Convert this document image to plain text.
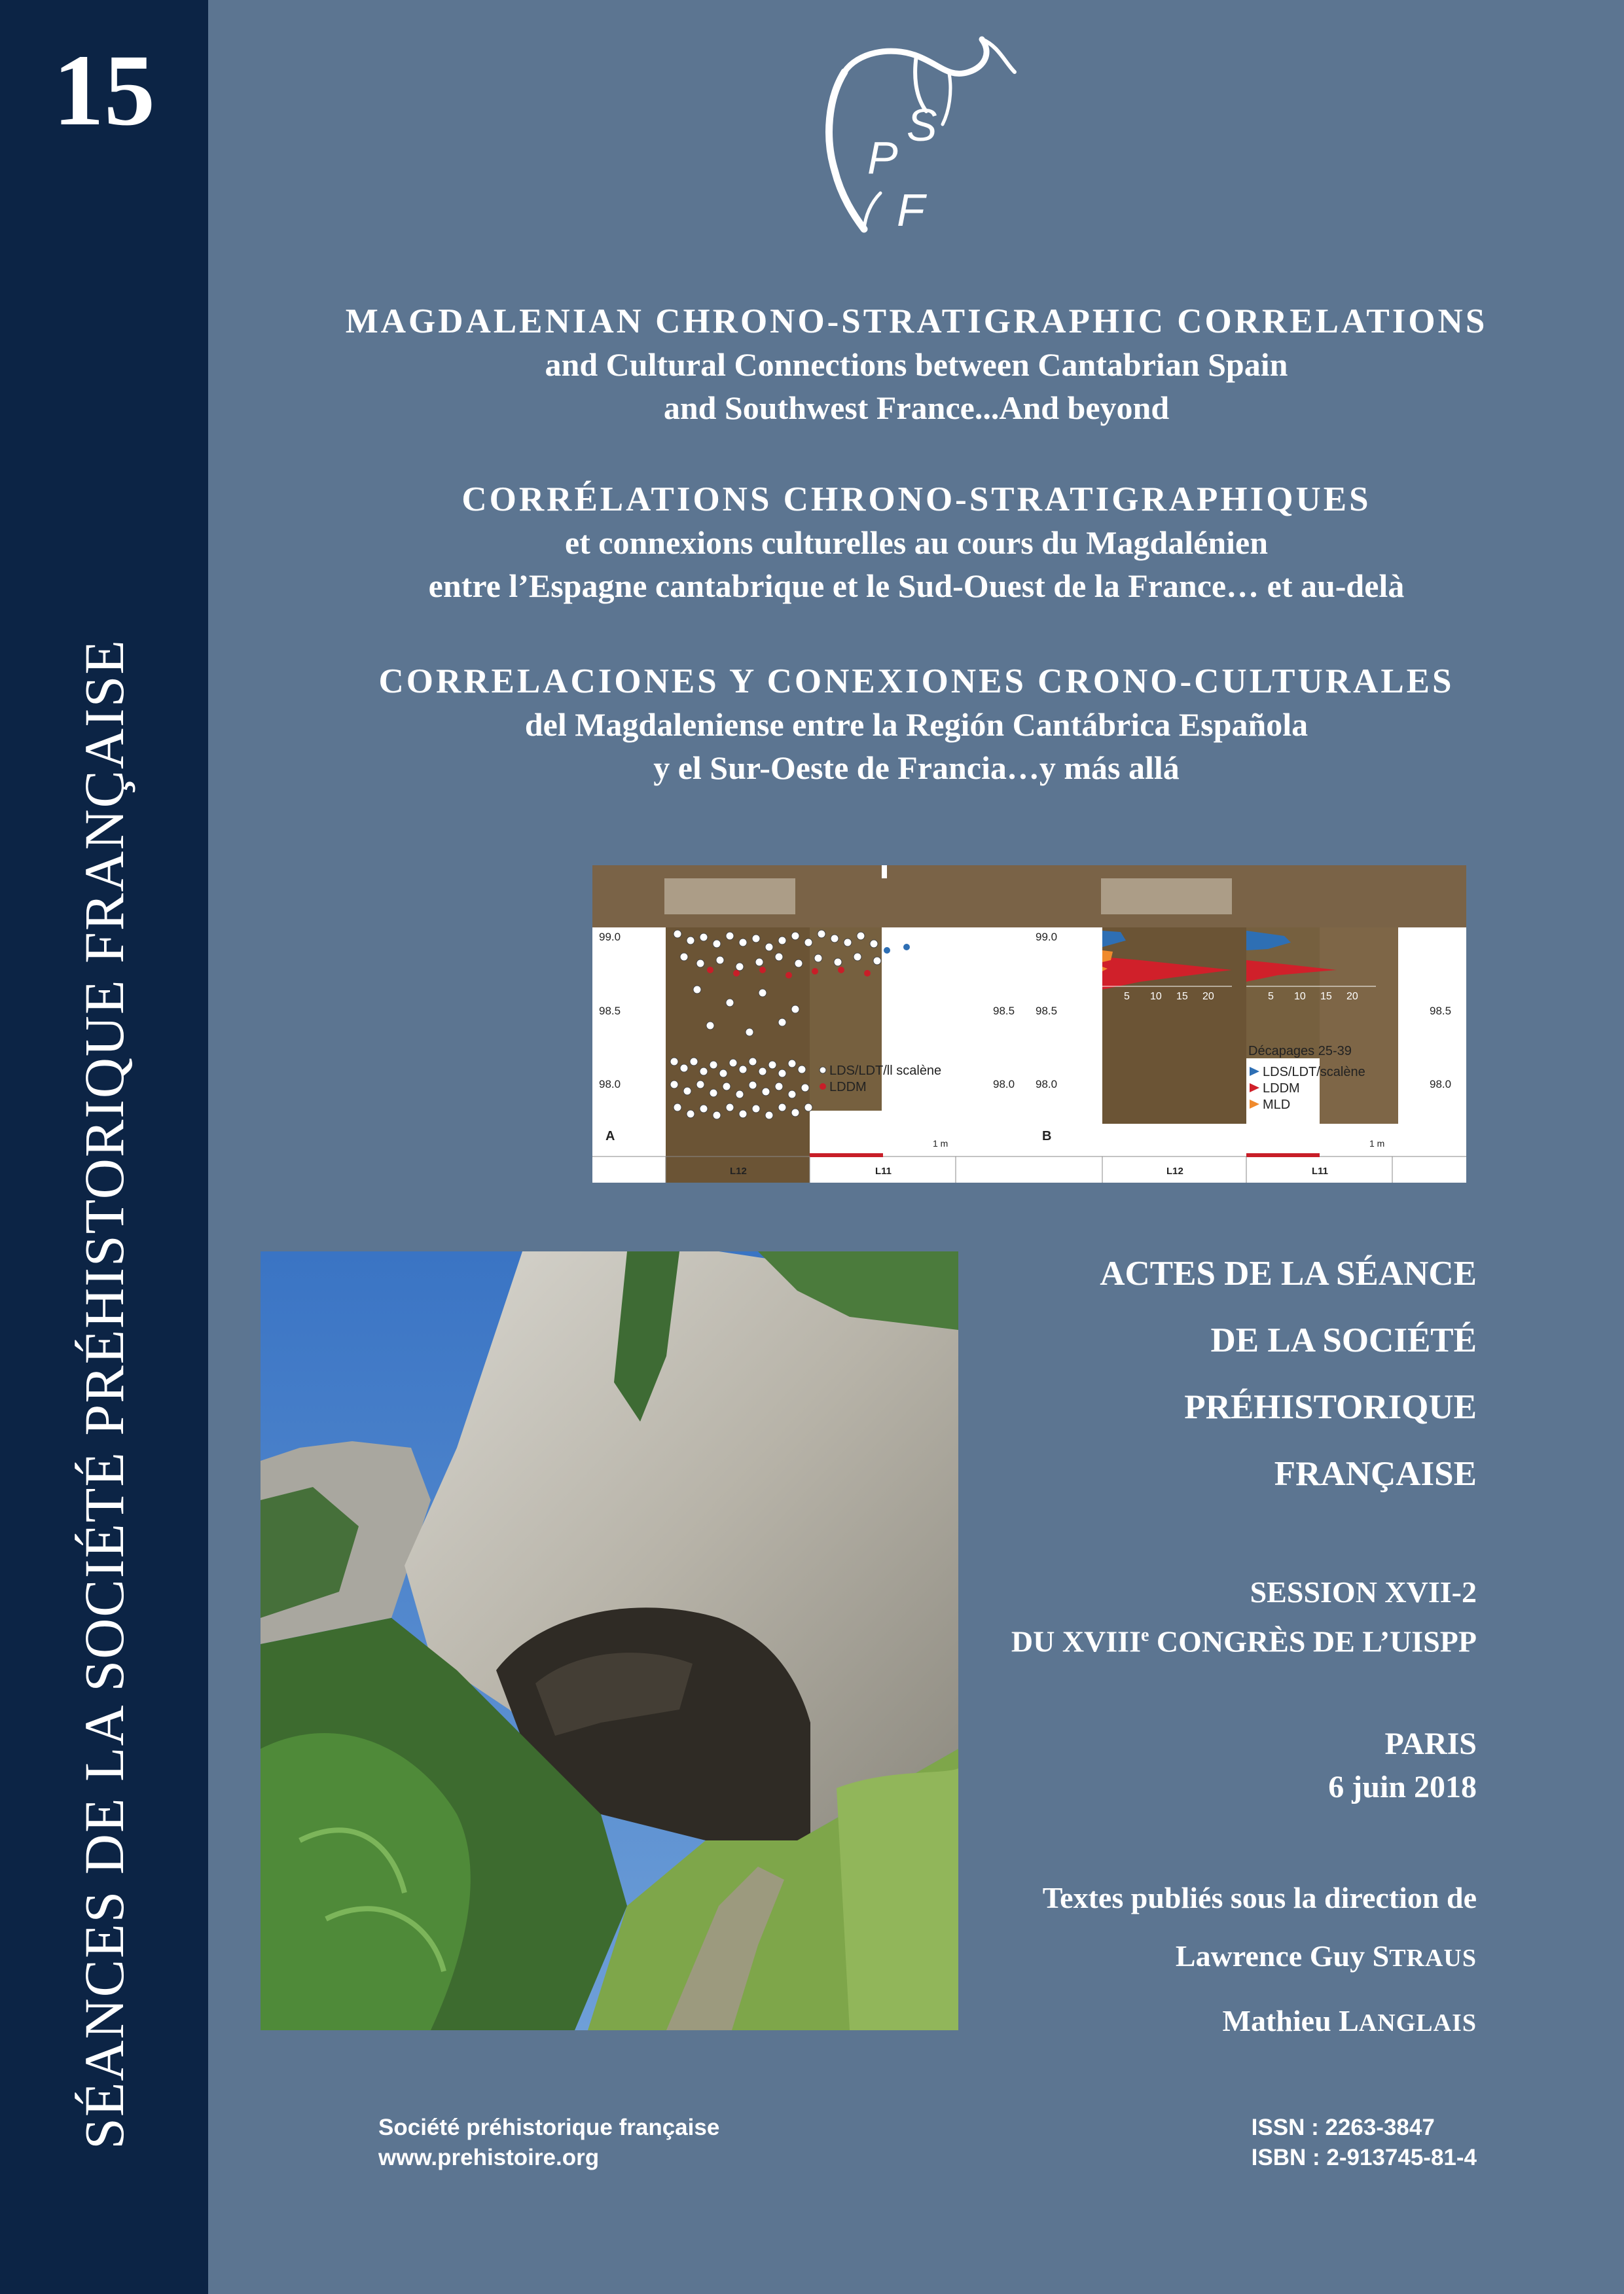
15
SÉANCES DE LA SOCIÉTÉ PRÉHISTORIQUE FRANÇAISE
S
P
F
MAGDALENIAN CHRONO-STRATIGRAPHIC CORRELATIONS
and Cultural Connections between Cantabrian Spain
and Southwest France...And beyond
CORRÉLATIONS CHRONO-STRATIGRAPHIQUES
et connexions culturelles au cours du Magdalénien
entre l’Espagne cantabrique et le Sud-Ouest de la France… et au-delà
CORRELACIONES Y CONEXIONES CRONO-CULTURALES
del Magdaleniense entre la Región Cantábrica Española
y el Sur-Oeste de Francia…y más allá
99.0
98.5
98.0
98.5
98.0
LDS/LDT/ll scalène
LDDM
A	1 m
L12	L11
5 10 15 20	5 10 15 20
99.0
98.5
98.0
98.5
98.0
Décapages 25-39
LDS/LDT/scalène
LDDM
MLD
B	1 m
L12	L11
ACTES DE LA SÉANCE
DE LA SOCIÉTÉ
PRÉHISTORIQUE
FRANÇAISE
SESSION XVII-2
DU XVIIIe CONGRÈS DE L’UISPP
PARIS
6 juin 2018
Textes publiés sous la direction de
Lawrence Guy STRAUS
Mathieu LANGLAIS
Société préhistorique française
www.prehistoire.org
ISSN : 2263-3847
ISBN : 2-913745-81-4
